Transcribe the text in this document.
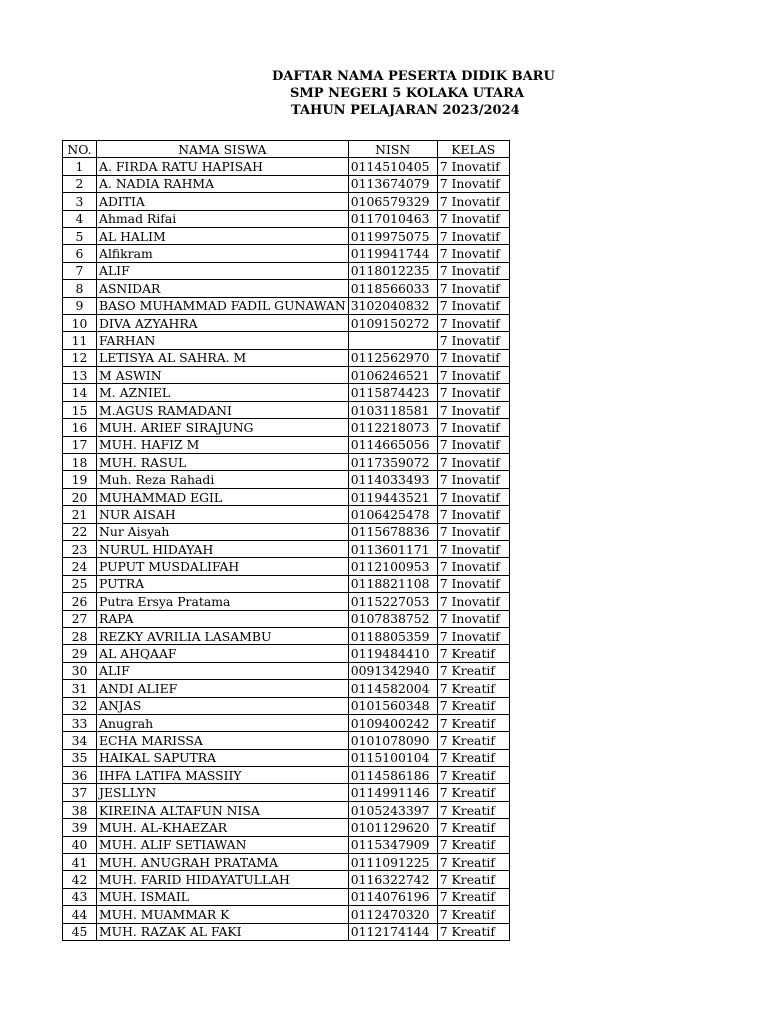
DAFTAR NAMA PESERTA DIDIK BARU
SMP NEGERI 5 KOLAKA UTARA
TAHUN PELAJARAN 2023/2024
NO.	NAMA SISWA	NISN	KELAS
1	A. FIRDA RATU HAPISAH	0114510405	7 Inovatif
2	A. NADIA RAHMA	0113674079	7 Inovatif
3	ADITIA	0106579329	7 Inovatif
4	Ahmad Rifai	0117010463	7 Inovatif
5	AL HALIM	0119975075	7 Inovatif
6	Alfikram	0119941744	7 Inovatif
7	ALIF	0118012235	7 Inovatif
8	ASNIDAR	0118566033	7 Inovatif
9	BASO MUHAMMAD FADIL GUNAWAN	3102040832	7 Inovatif
10	DIVA AZYAHRA	0109150272	7 Inovatif
11	FARHAN		7 Inovatif
12	LETISYA AL SAHRA. M	0112562970	7 Inovatif
13	M ASWIN	0106246521	7 Inovatif
14	M. AZNIEL	0115874423	7 Inovatif
15	M.AGUS RAMADANI	0103118581	7 Inovatif
16	MUH. ARIEF SIRAJUNG	0112218073	7 Inovatif
17	MUH. HAFIZ M	0114665056	7 Inovatif
18	MUH. RASUL	0117359072	7 Inovatif
19	Muh. Reza Rahadi	0114033493	7 Inovatif
20	MUHAMMAD EGIL	0119443521	7 Inovatif
21	NUR AISAH	0106425478	7 Inovatif
22	Nur Aisyah	0115678836	7 Inovatif
23	NURUL HIDAYAH	0113601171	7 Inovatif
24	PUPUT MUSDALIFAH	0112100953	7 Inovatif
25	PUTRA	0118821108	7 Inovatif
26	Putra Ersya Pratama	0115227053	7 Inovatif
27	RAPA	0107838752	7 Inovatif
28	REZKY AVRILIA LASAMBU	0118805359	7 Inovatif
29	AL AHQAAF	0119484410	7 Kreatif
30	ALIF	0091342940	7 Kreatif
31	ANDI ALIEF	0114582004	7 Kreatif
32	ANJAS	0101560348	7 Kreatif
33	Anugrah	0109400242	7 Kreatif
34	ECHA MARISSA	0101078090	7 Kreatif
35	HAIKAL SAPUTRA	0115100104	7 Kreatif
36	IHFA LATIFA MASSIIY	0114586186	7 Kreatif
37	JESLLYN	0114991146	7 Kreatif
38	KIREINA ALTAFUN NISA	0105243397	7 Kreatif
39	MUH. AL-KHAEZAR	0101129620	7 Kreatif
40	MUH. ALIF SETIAWAN	0115347909	7 Kreatif
41	MUH. ANUGRAH PRATAMA	0111091225	7 Kreatif
42	MUH. FARID HIDAYATULLAH	0116322742	7 Kreatif
43	MUH. ISMAIL	0114076196	7 Kreatif
44	MUH. MUAMMAR K	0112470320	7 Kreatif
45	MUH. RAZAK AL FAKI	0112174144	7 Kreatif
